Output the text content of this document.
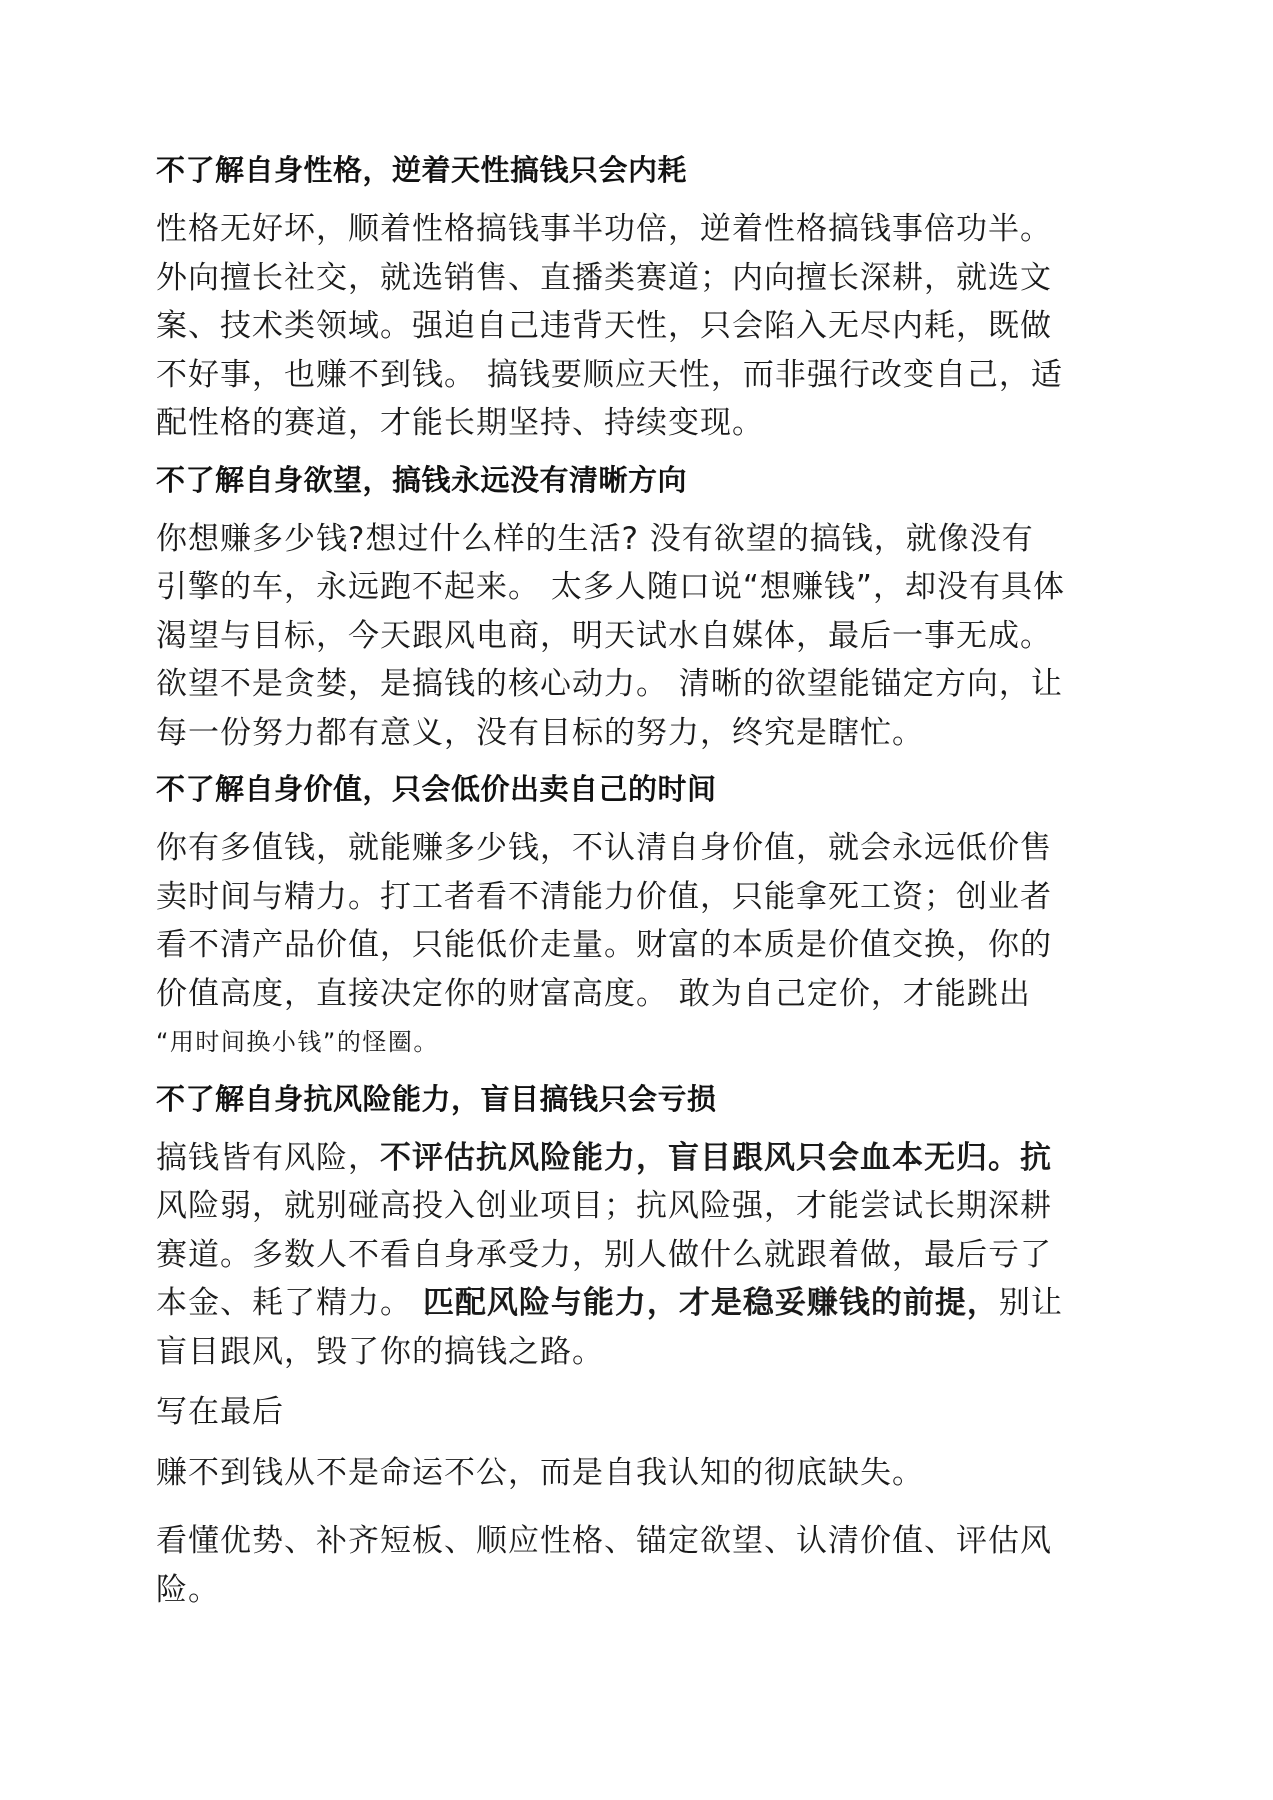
不了解自身性格，逆着天性搞钱只会内耗

性格无好坏，顺着性格搞钱事半功倍，逆着性格搞钱事倍功半。
外向擅长社交，就选销售、直播类赛道；内向擅长深耕，就选文
案、技术类领域。强迫自己违背天性，只会陷入无尽内耗，既做
不好事，也赚不到钱。 搞钱要顺应天性，而非强行改变自己，适
配性格的赛道，才能长期坚持、持续变现。

不了解自身欲望，搞钱永远没有清晰方向

你想赚多少钱?想过什么样的生活? 没有欲望的搞钱，就像没有
引擎的车，永远跑不起来。 太多人随口说“想赚钱”，却没有具体
渴望与目标，今天跟风电商，明天试水自媒体，最后一事无成。
欲望不是贪婪，是搞钱的核心动力。 清晰的欲望能锚定方向，让
每一份努力都有意义，没有目标的努力，终究是瞎忙。

不了解自身价值，只会低价出卖自己的时间

你有多值钱，就能赚多少钱，不认清自身价值，就会永远低价售
卖时间与精力。打工者看不清能力价值，只能拿死工资；创业者
看不清产品价值，只能低价走量。财富的本质是价值交换，你的
价值高度，直接决定你的财富高度。 敢为自己定价，才能跳出
“用时间换小钱”的怪圈。

不了解自身抗风险能力，盲目搞钱只会亏损

搞钱皆有风险，不评估抗风险能力，盲目跟风只会血本无归。抗
风险弱，就别碰高投入创业项目；抗风险强，才能尝试长期深耕
赛道。多数人不看自身承受力，别人做什么就跟着做，最后亏了
本金、耗了精力。 匹配风险与能力，才是稳妥赚钱的前提，别让
盲目跟风，毁了你的搞钱之路。

写在最后

赚不到钱从不是命运不公，而是自我认知的彻底缺失。

看懂优势、补齐短板、顺应性格、锚定欲望、认清价值、评估风
险。
